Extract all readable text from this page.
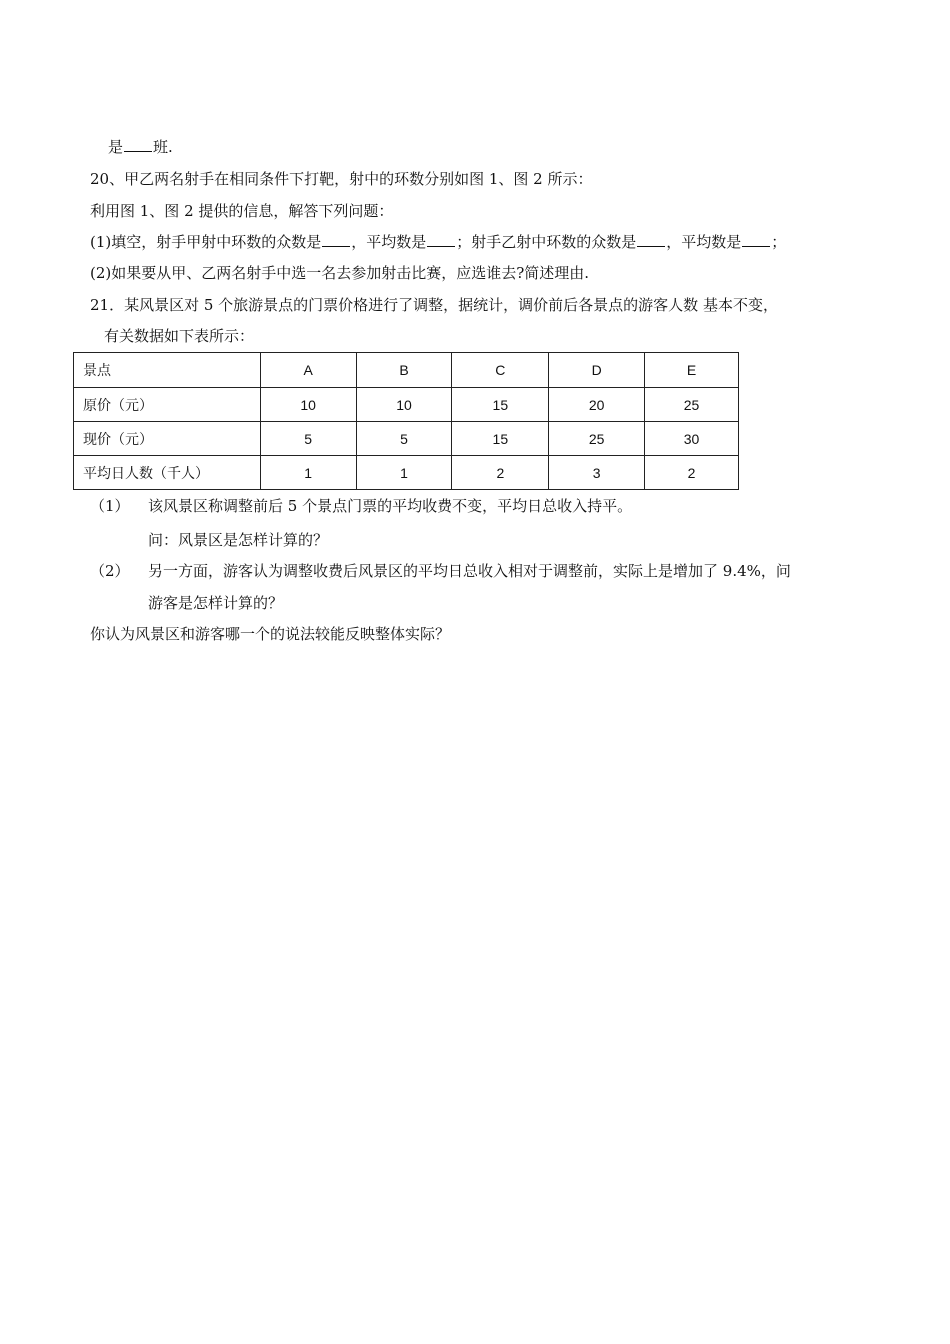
是 班.
20、甲乙两名射手在相同条件下打靶，射中的环数分别如图 1、图 2 所示：
利用图 1、图 2 提供的信息，解答下列问题：
(1)填空，射手甲射中环数的众数是 ，平均数是 ；射手乙射中环数的众数是 ，平均数是 ；
(2)如果要从甲、乙两名射手中选一名去参加射击比赛，应选谁去?简述理由.
21．某风景区对 5 个旅游景点的门票价格进行了调整，据统计，调价前后各景点的游客人数 基本不变，
有关数据如下表所示：
景点	A	B	C	D	E
原价（元）	10	10	15	20	25
现价（元）	5	5	15	25	30
平均日人数（千人）	1	1	2	3	2
（1） 该风景区称调整前后 5 个景点门票的平均收费不变，平均日总收入持平。
问：风景区是怎样计算的？
（2） 另一方面，游客认为调整收费后风景区的平均日总收入相对于调整前，实际上是增加了 9.4%，问
游客是怎样计算的？
你认为风景区和游客哪一个的说法较能反映整体实际？
